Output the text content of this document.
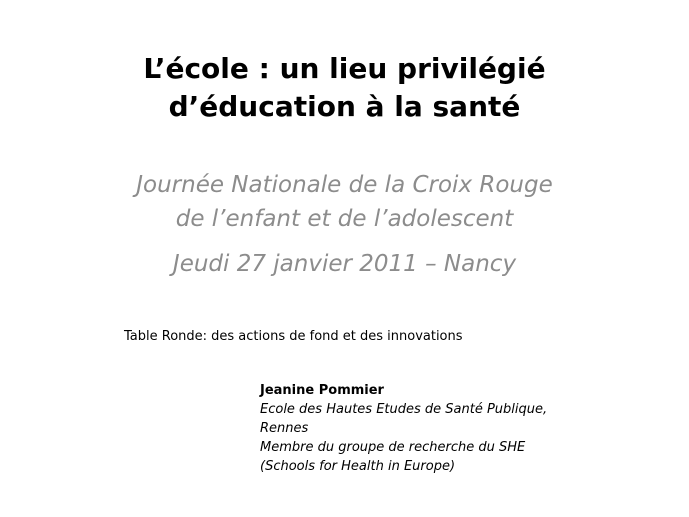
L’école : un lieu privilégié
d’éducation à la santé
Journée Nationale de la Croix Rouge
de l’enfant et de l’adolescent
Jeudi 27 janvier 2011 – Nancy
Table Ronde: des actions de fond et des innovations
Jeanine Pommier
Ecole des Hautes Etudes de Santé Publique,
Rennes
Membre du groupe de recherche du SHE
(Schools for Health in Europe)
